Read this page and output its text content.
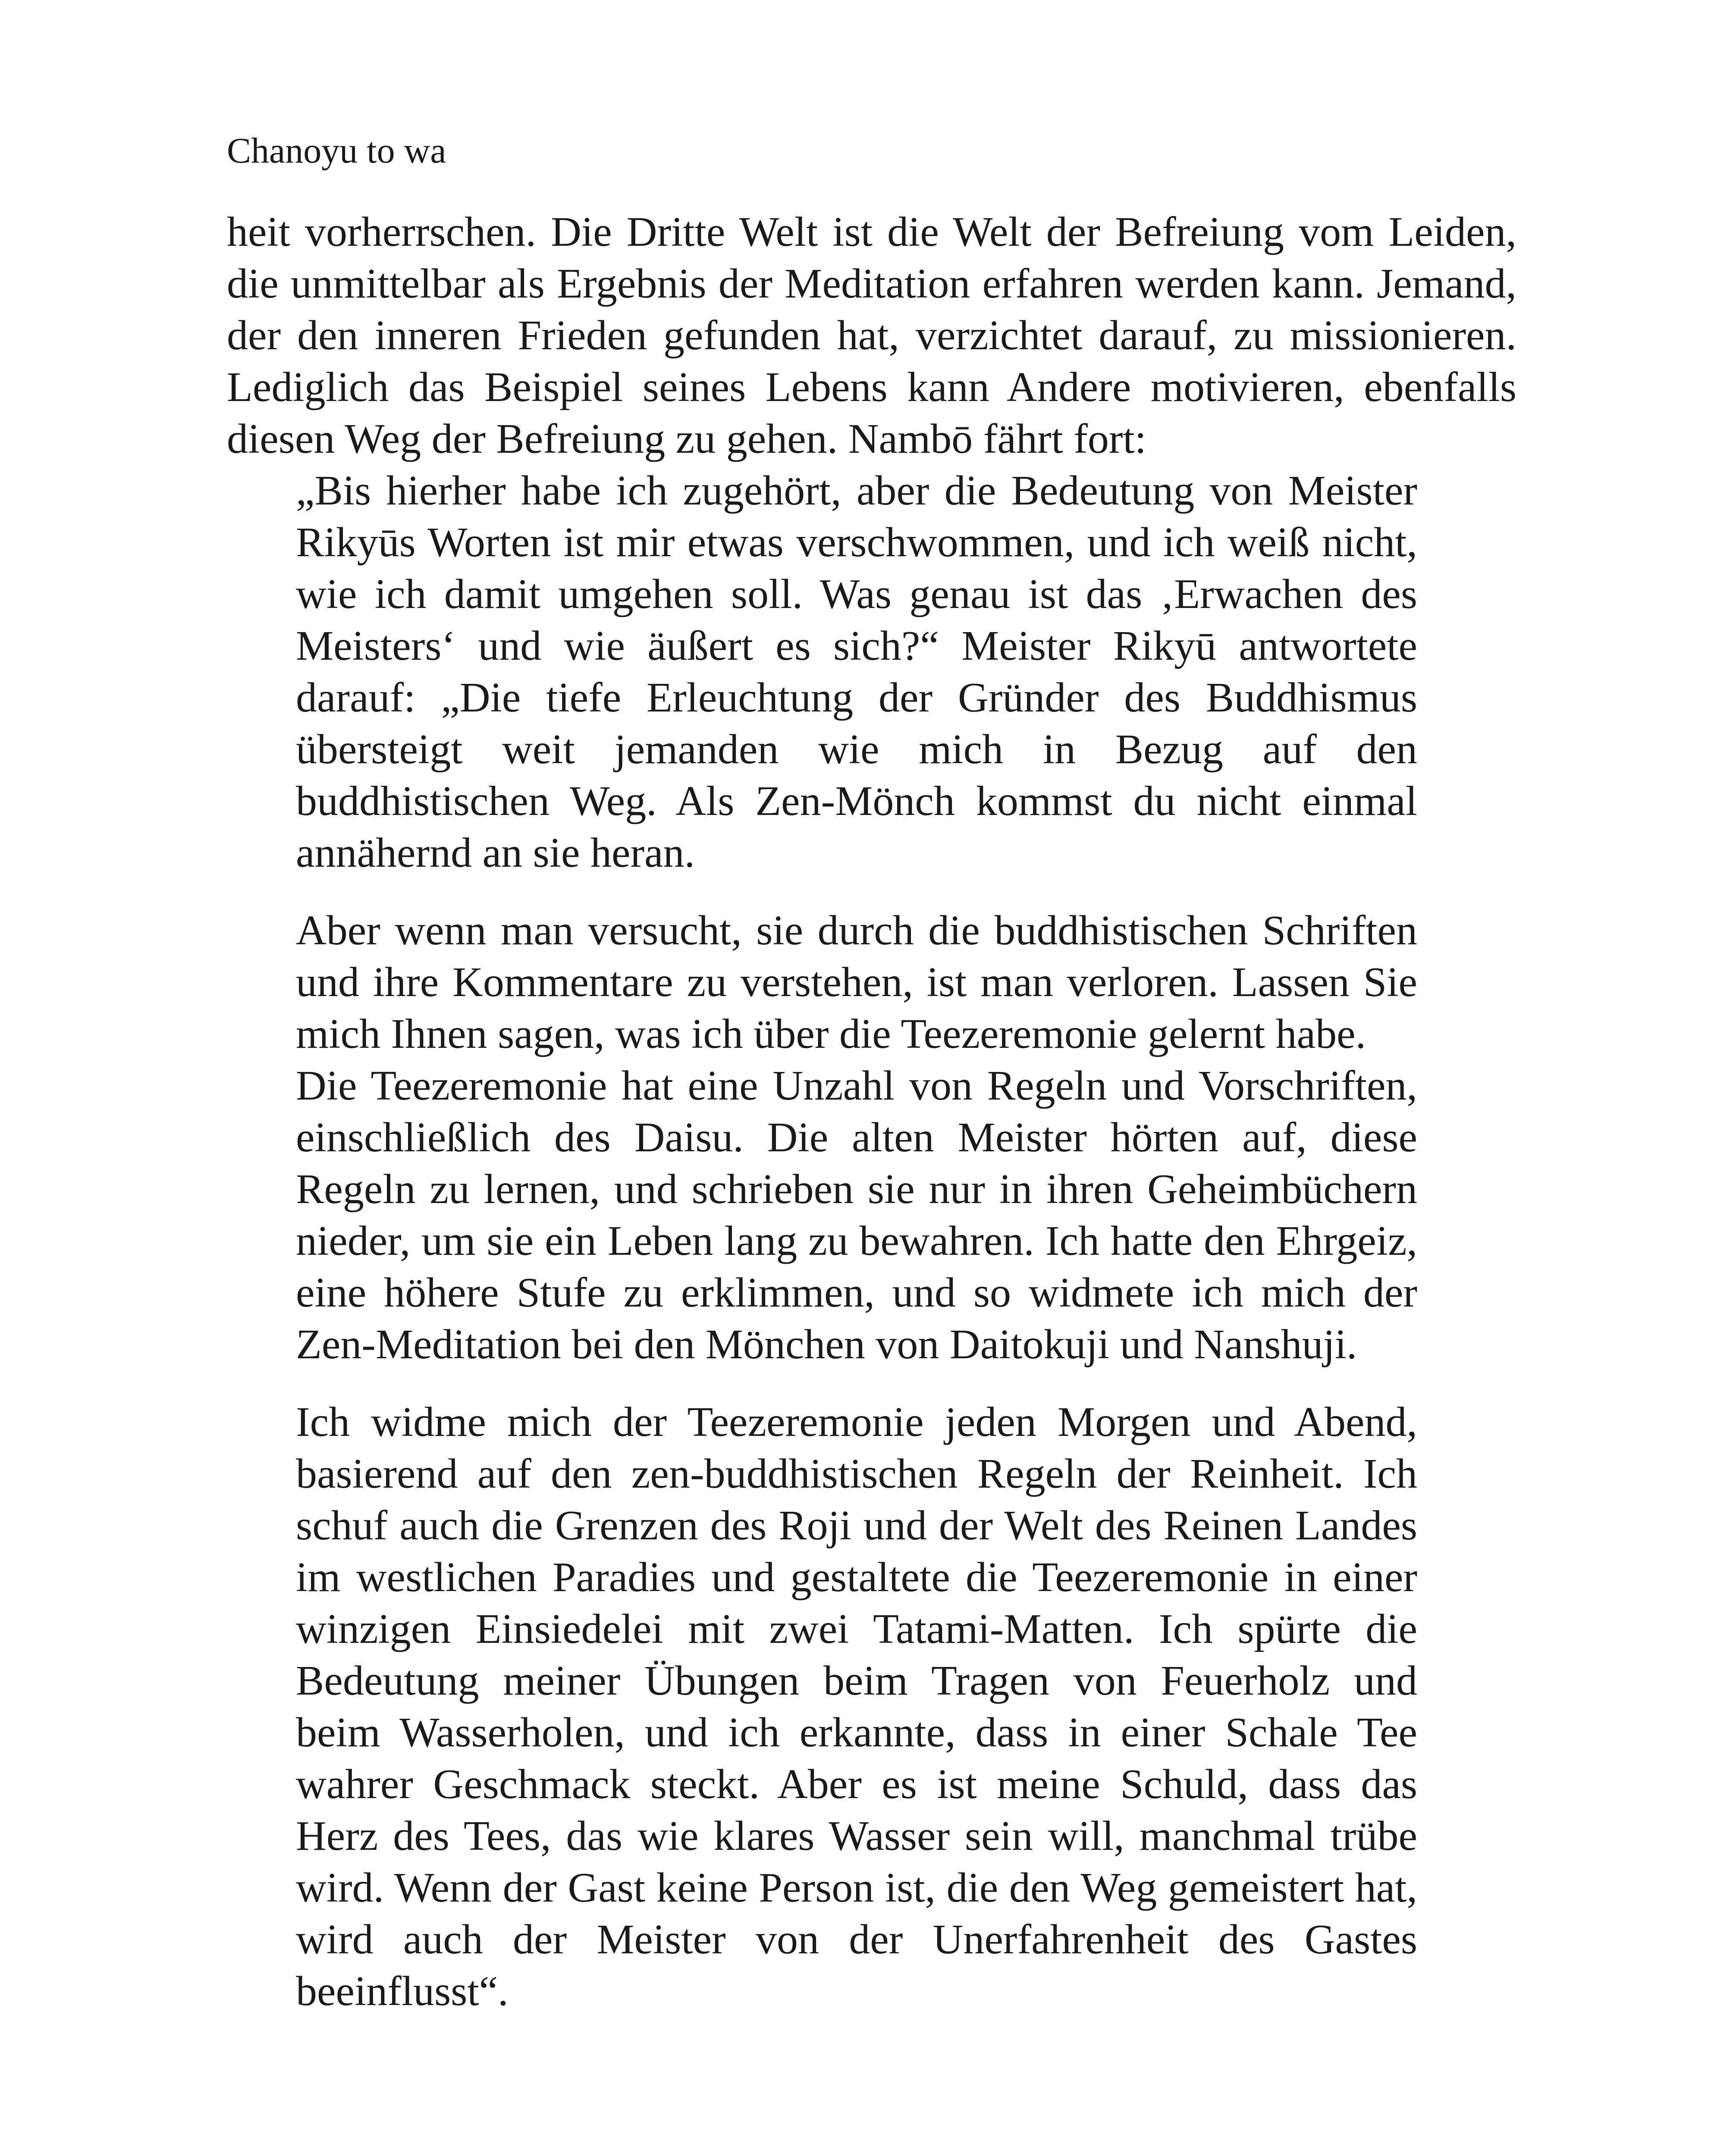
Chanoyu to wa

heit vorherrschen. Die Dritte Welt ist die Welt der Befreiung vom Leiden, die unmittelbar als Ergebnis der Meditation erfahren werden kann. Jemand, der den inneren Frieden gefunden hat, verzichtet darauf, zu missionieren. Lediglich das Beispiel seines Lebens kann Andere motivieren, ebenfalls diesen Weg der Befreiung zu gehen. Nambō fährt fort:

„Bis hierher habe ich zugehört, aber die Bedeutung von Meister Rikyūs Worten ist mir etwas verschwommen, und ich weiß nicht, wie ich damit umgehen soll. Was genau ist das ‚Erwachen des Meisters‘ und wie äußert es sich?“ Meister Rikyū antwortete darauf: „Die tiefe Erleuchtung der Gründer des Buddhismus übersteigt weit jemanden wie mich in Bezug auf den buddhistischen Weg. Als Zen-Mönch kommst du nicht einmal annähernd an sie heran.

Aber wenn man versucht, sie durch die buddhistischen Schriften und ihre Kommentare zu verstehen, ist man verloren. Lassen Sie mich Ihnen sagen, was ich über die Teezeremonie gelernt habe.

Die Teezeremonie hat eine Unzahl von Regeln und Vorschriften, einschließlich des Daisu. Die alten Meister hörten auf, diese Regeln zu lernen, und schrieben sie nur in ihren Geheimbüchern nieder, um sie ein Leben lang zu bewahren. Ich hatte den Ehrgeiz, eine höhere Stufe zu erklimmen, und so widmete ich mich der Zen-Meditation bei den Mönchen von Daitokuji und Nanshuji.

Ich widme mich der Teezeremonie jeden Morgen und Abend, basierend auf den zen-buddhistischen Regeln der Reinheit. Ich schuf auch die Grenzen des Roji und der Welt des Reinen Landes im westlichen Paradies und gestaltete die Teezeremonie in einer winzigen Einsiedelei mit zwei Tatami-Matten. Ich spürte die Bedeutung meiner Übungen beim Tragen von Feuerholz und beim Wasserholen, und ich erkannte, dass in einer Schale Tee wahrer Geschmack steckt. Aber es ist meine Schuld, dass das Herz des Tees, das wie klares Wasser sein will, manchmal trübe wird. Wenn der Gast keine Person ist, die den Weg gemeistert hat, wird auch der Meister von der Unerfahrenheit des Gastes beeinflusst“.
